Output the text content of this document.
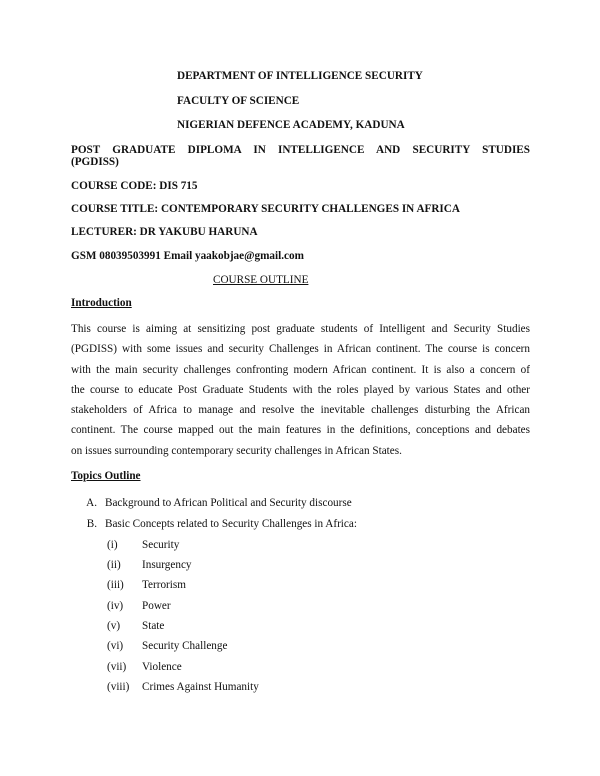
DEPARTMENT OF INTELLIGENCE SECURITY
FACULTY OF SCIENCE
NIGERIAN DEFENCE ACADEMY, KADUNA
POST GRADUATE DIPLOMA IN INTELLIGENCE AND SECURITY STUDIES
(PGDISS)
COURSE CODE: DIS 715
COURSE TITLE: CONTEMPORARY SECURITY CHALLENGES IN AFRICA
LECTURER: DR YAKUBU HARUNA
GSM 08039503991 Email yaakobjae@gmail.com
COURSE OUTLINE
Introduction
This course is aiming at sensitizing post graduate students of Intelligent and Security Studies
(PGDISS) with some issues and security Challenges in African continent. The course is concern
with the main security challenges confronting modern African continent. It is also a concern of
the course to educate Post Graduate Students with the roles played by various States and other
stakeholders of Africa to manage and resolve the inevitable challenges disturbing the African
continent. The course mapped out the main features in the definitions, conceptions and debates
on issues surrounding contemporary security challenges in African States.
Topics Outline
A. Background to African Political and Security discourse
B. Basic Concepts related to Security Challenges in Africa:
(i) Security
(ii) Insurgency
(iii) Terrorism
(iv) Power
(v) State
(vi) Security Challenge
(vii) Violence
(viii) Crimes Against Humanity
